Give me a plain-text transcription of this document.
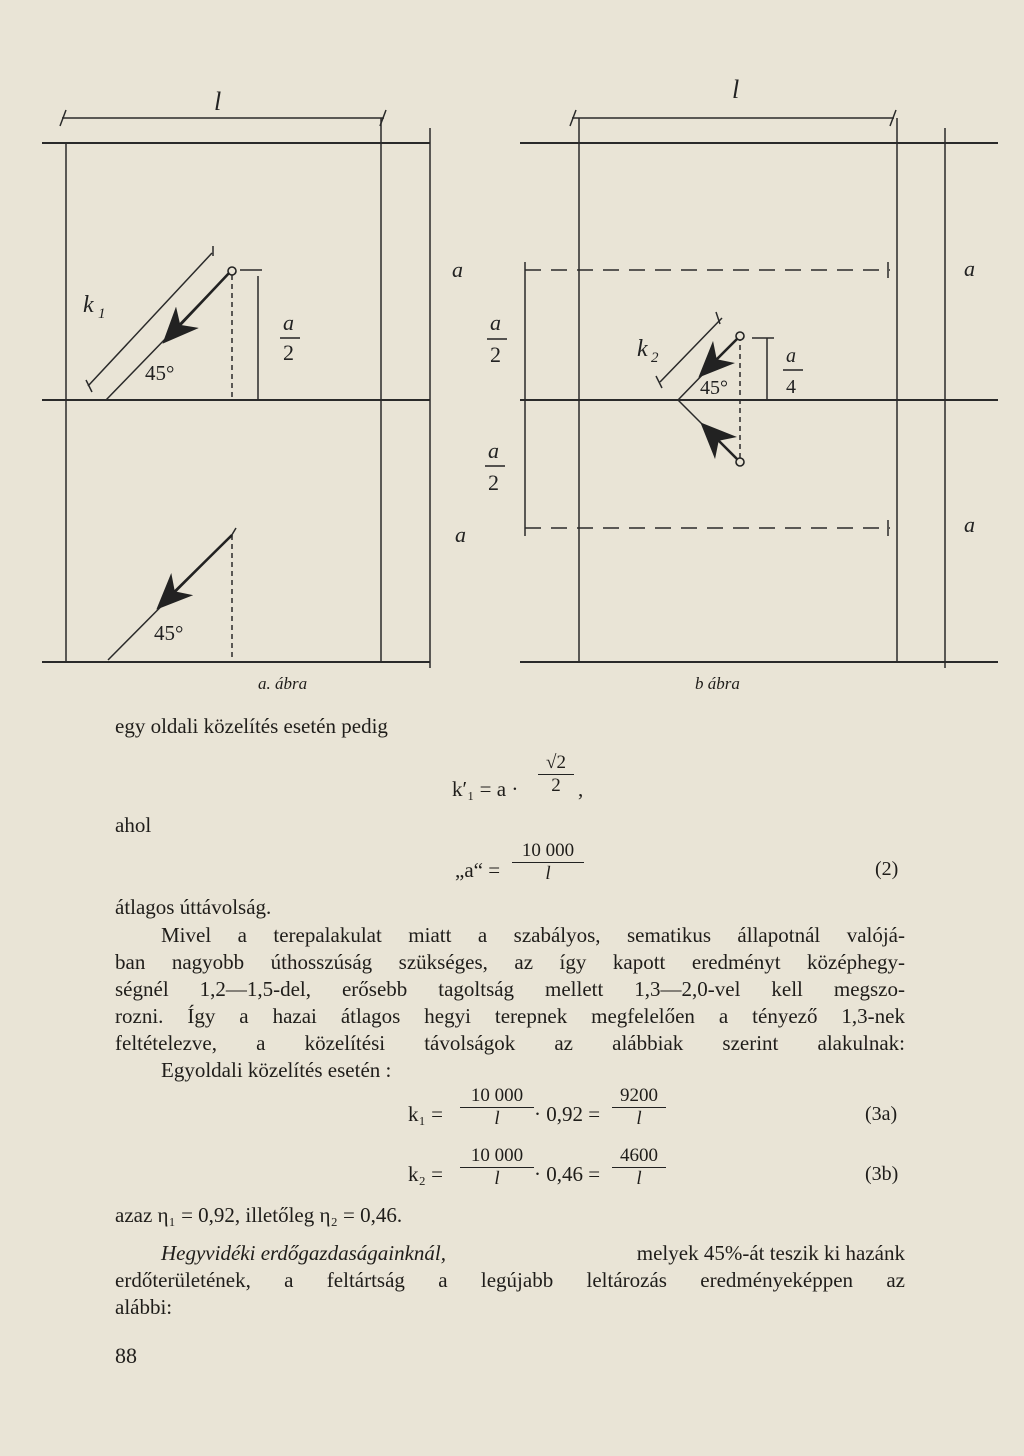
l
k 1
45°
a
2
45°
a
a
2
a
2
a
l
a
a
k 2
45°
a
4
a. ábra	b ábra
egy oldali közelítés esetén pedig
$k'_1 = a \cdot \frac{√2}{2}$ ,
ahol
„a“ = $\frac{10 000}{l}$	(2)
átlagos úttávolság.
Mivel a terepalakulat miatt a szabályos, sematikus állapotnál valójá-
ban nagyobb úthosszúság szükséges, az így kapott eredményt középhegy-
ségnél 1,2—1,5-del, erősebb tagoltság mellett 1,3—2,0-vel kell megszo-
rozni. Így a hazai átlagos hegyi terepnek megfelelően a tényező 1,3-nek
feltételezve, a közelítési távolságok az alábbiak szerint alakulnak:
Egyoldali közelítés esetén :
$k_1 = \frac{10 000}{l} \cdot 0,92 = \frac{9200}{l}$	(3a)
$k_2 = \frac{10 000}{l} \cdot 0,46 = \frac{4600}{l}$	(3b)
azaz η₁ = 0,92, illetőleg η₂ = 0,46.
Hegyvidéki erdőgazdaságainknál,	melyek 45%-át teszik ki hazánk
erdőterületének, a feltártság a legújabb leltározás eredményeképpen az
alábbi:
88
